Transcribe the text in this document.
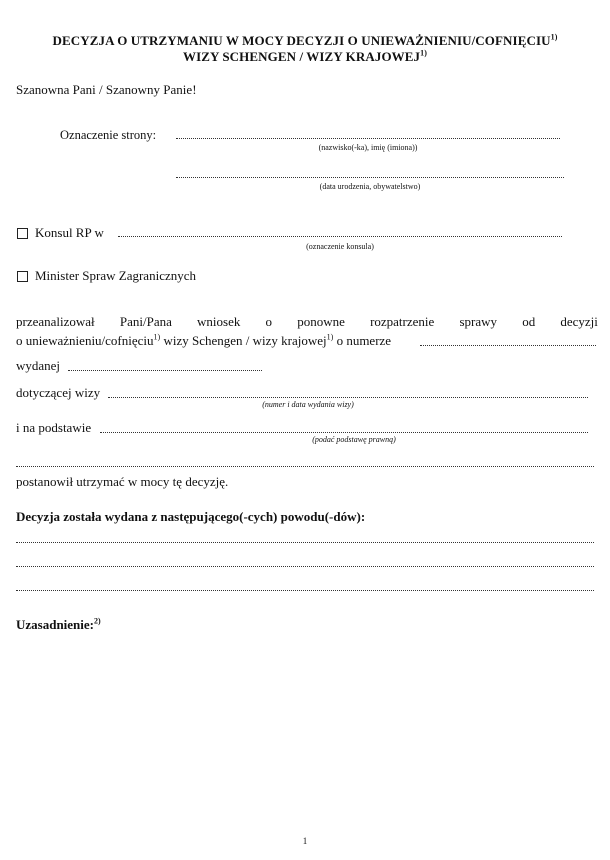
DECYZJA O UTRZYMANIU W MOCY DECYZJI O UNIEWAŻNIENIU/COFNIĘCIU$^{1)}$
WIZY SCHENGEN / WIZY KRAJOWEJ$^{1)}$
Szanowna Pani / Szanowny Panie!
Oznaczenie strony:
(nazwisko(-ka), imię (imiona))
(data urodzenia, obywatelstwo)
Konsul RP w
(oznaczenie konsula)
Minister Spraw Zagranicznych
przeanalizował Pani/Pana wniosek o ponowne rozpatrzenie sprawy od decyzji
o unieważnieniu/cofnięciu$^{1)}$ wizy Schengen / wizy krajowej$^{1)}$ o numerze
wydanej
dotyczącej wizy
(numer i data wydania wizy)
i na podstawie
(podać podstawę prawną)
postanowił utrzymać w mocy tę decyzję.
Decyzja została wydana z następującego(-cych) powodu(-dów):
Uzasadnienie:$^{2)}$
1
